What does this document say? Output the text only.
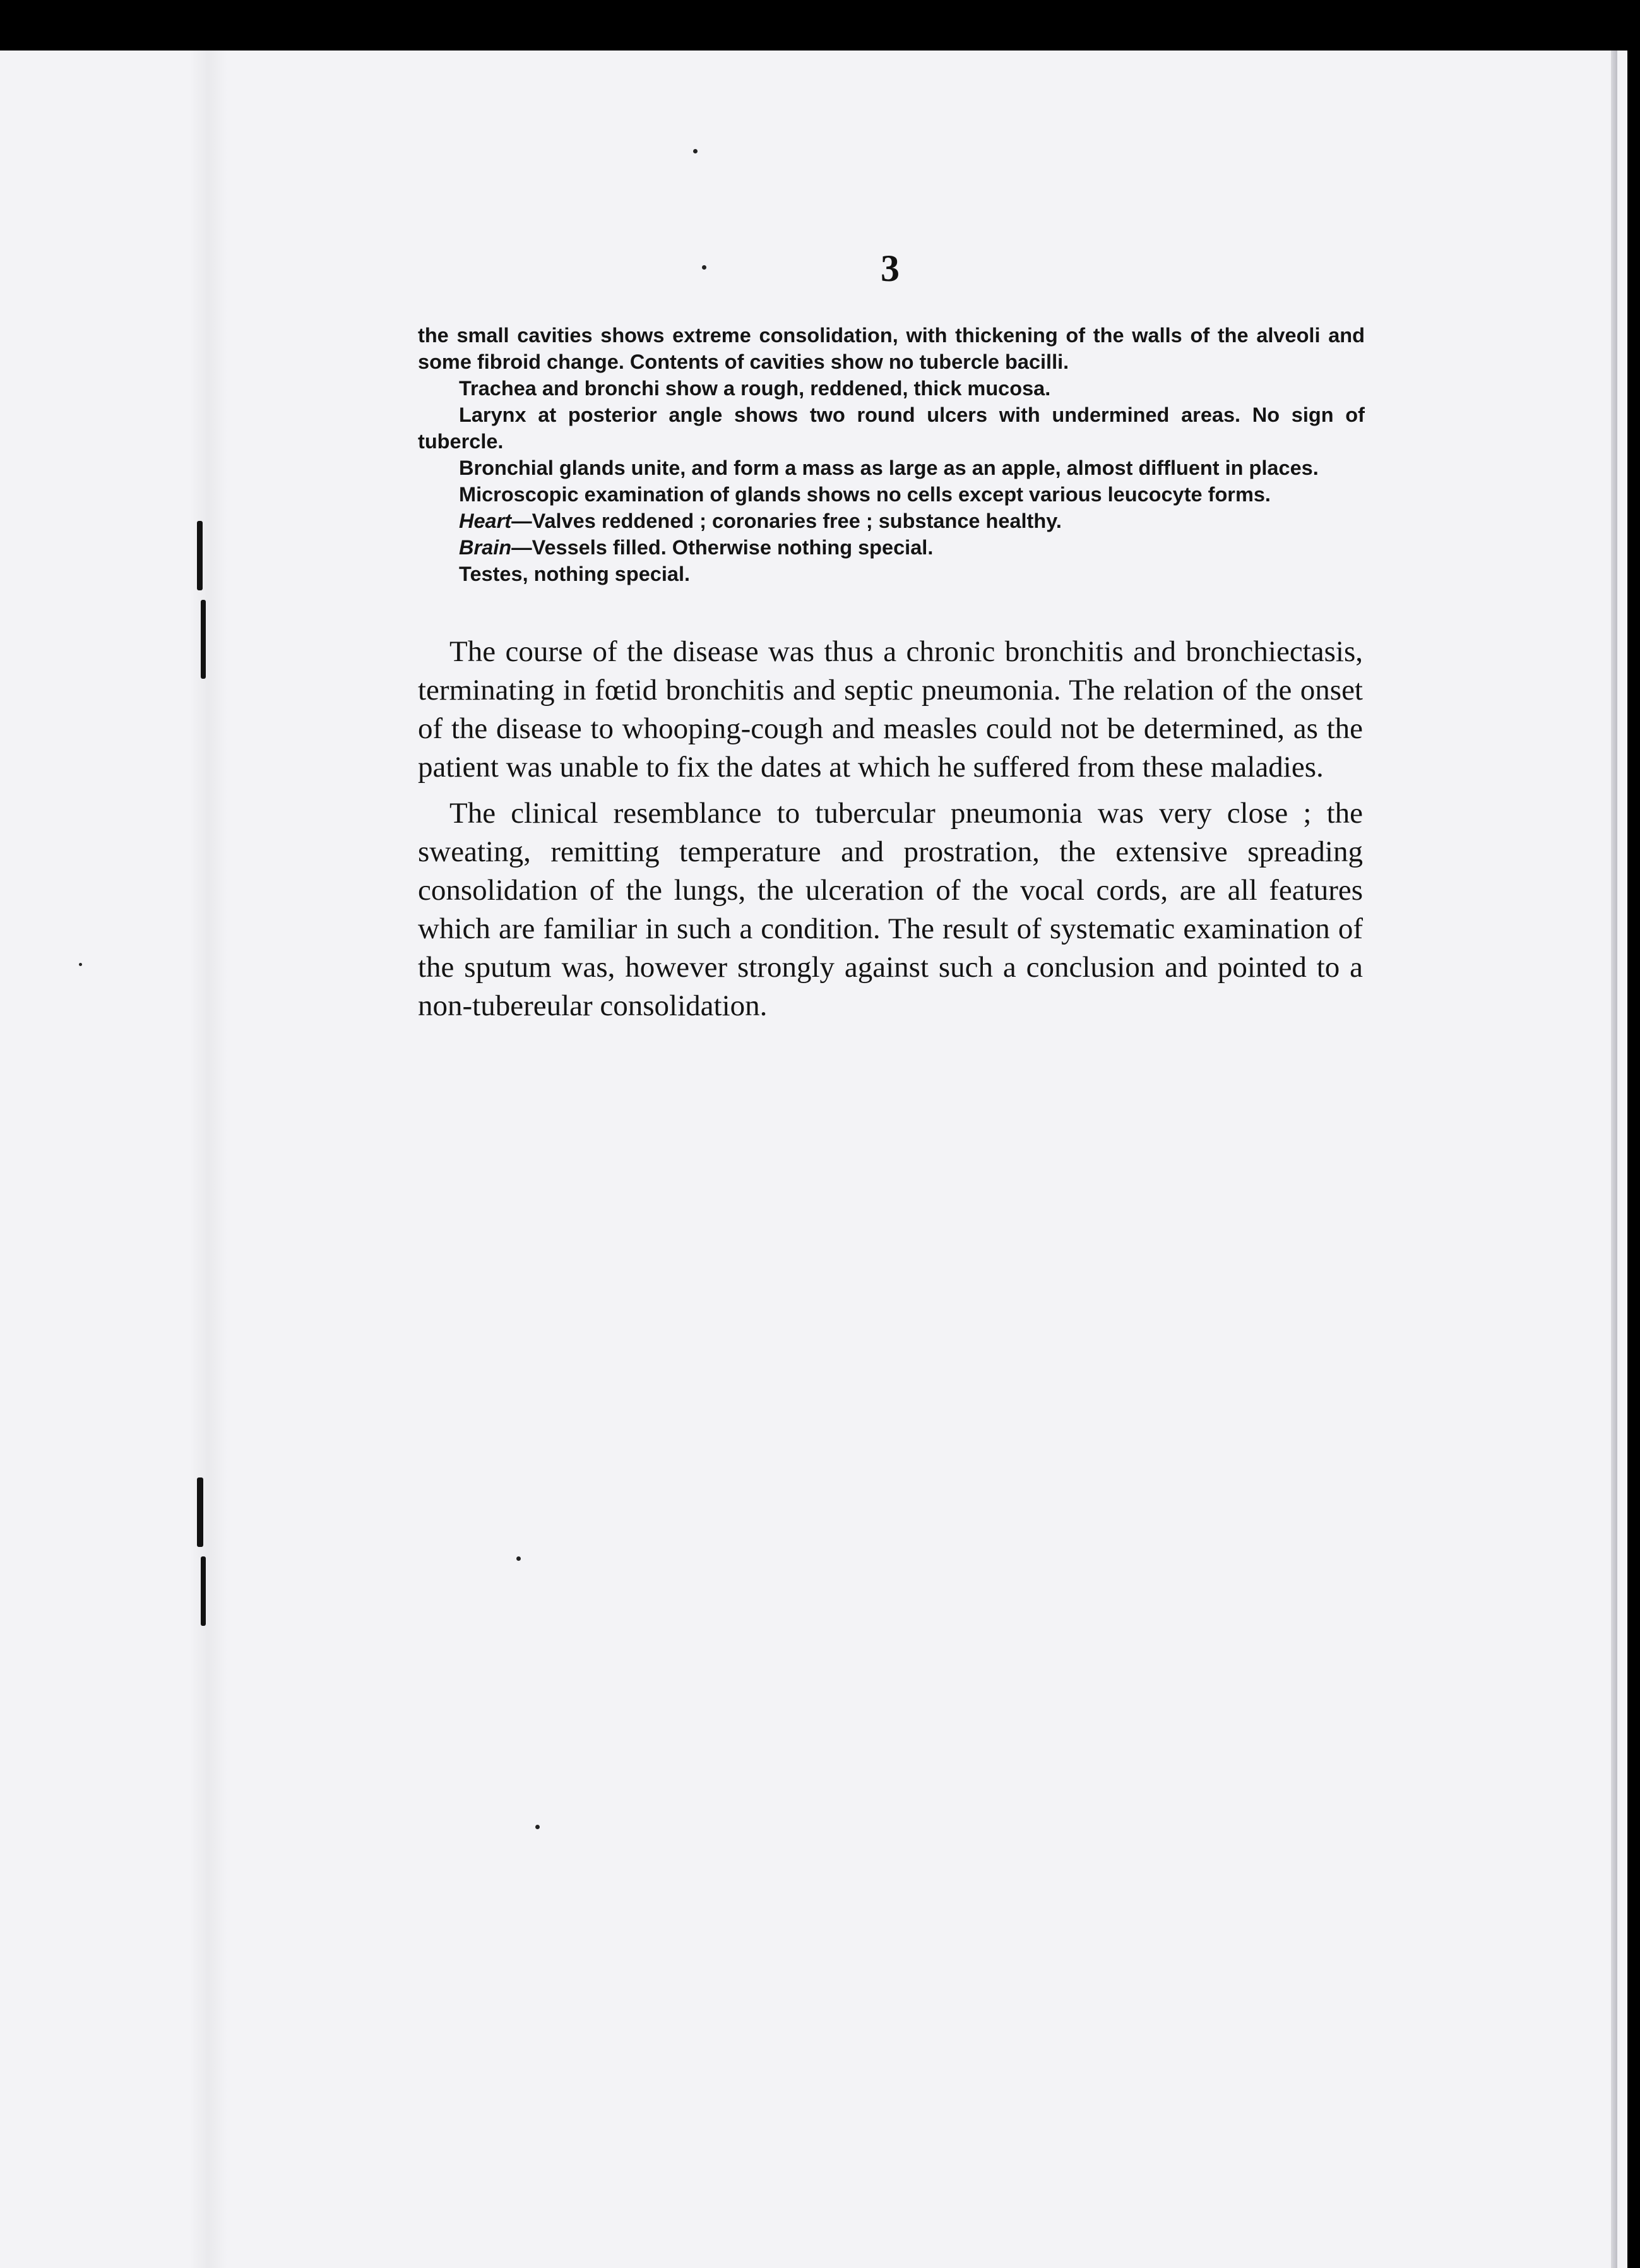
3

the small cavities shows extreme consolidation, with thickening of the walls of the alveoli and some fibroid change. Contents of cavities show no tubercle bacilli.

Trachea and bronchi show a rough, reddened, thick mucosa.

Larynx at posterior angle shows two round ulcers with undermined areas. No sign of tubercle.

Bronchial glands unite, and form a mass as large as an apple, almost diffluent in places.

Microscopic examination of glands shows no cells except various leucocyte forms.

Heart—Valves reddened ; coronaries free ; substance healthy.

Brain—Vessels filled. Otherwise nothing special.

Testes, nothing special.

The course of the disease was thus a chronic bronchitis and bronchiectasis, terminating in fœtid bronchitis and septic pneumonia. The relation of the onset of the disease to whooping-cough and measles could not be determined, as the patient was unable to fix the dates at which he suffered from these maladies.

The clinical resemblance to tubercular pneumonia was very close ; the sweating, remitting temperature and prostration, the extensive spreading consolidation of the lungs, the ulceration of the vocal cords, are all features which are familiar in such a condition. The result of systematic examination of the sputum was, however strongly against such a conclusion and pointed to a non-tubereular consolidation.
